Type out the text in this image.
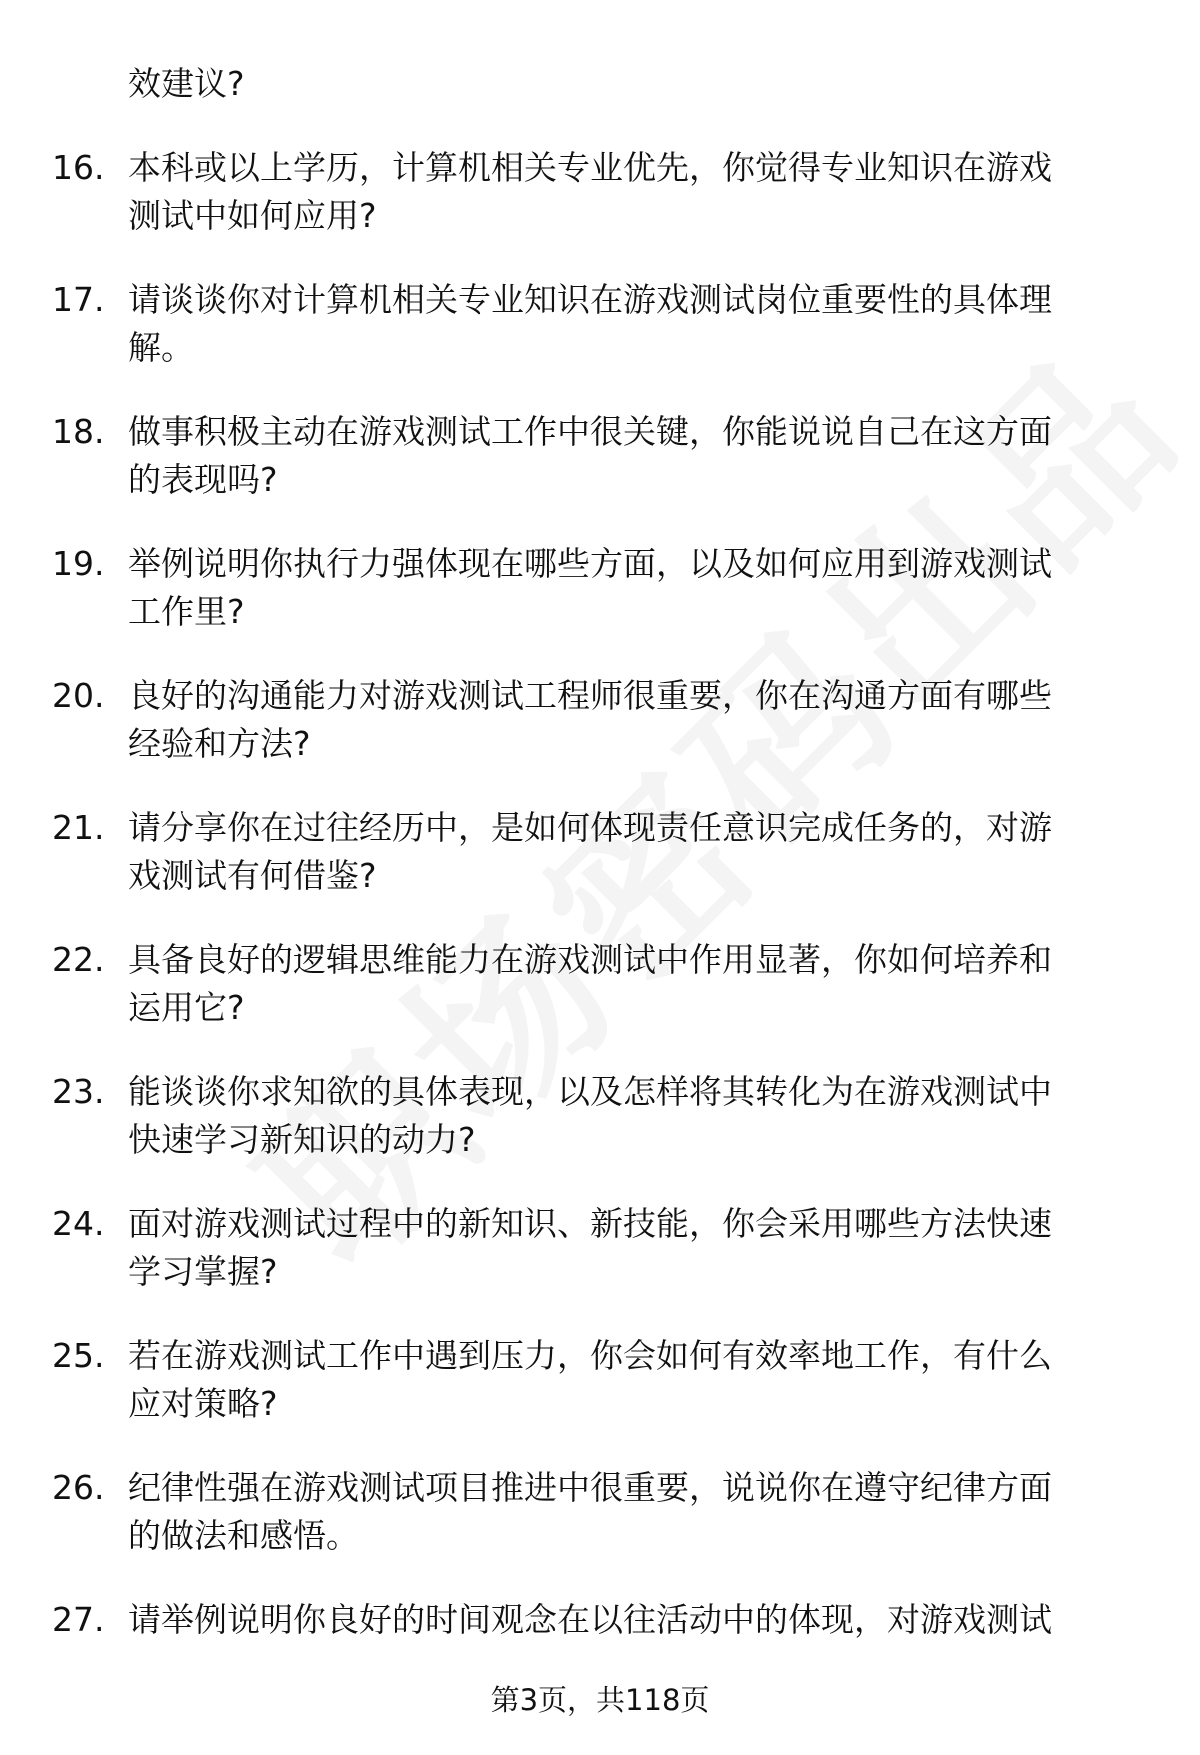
效建议?
16. 本科或以上学历，计算机相关专业优先，你觉得专业知识在游戏
测试中如何应用?
17. 请谈谈你对计算机相关专业知识在游戏测试岗位重要性的具体理
解。
18. 做事积极主动在游戏测试工作中很关键，你能说说自己在这方面
的表现吗?
19. 举例说明你执行力强体现在哪些方面，以及如何应用到游戏测试
工作里?
20. 良好的沟通能力对游戏测试工程师很重要，你在沟通方面有哪些
经验和方法?
21. 请分享你在过往经历中，是如何体现责任意识完成任务的，对游
戏测试有何借鉴?
22. 具备良好的逻辑思维能力在游戏测试中作用显著，你如何培养和
运用它?
23. 能谈谈你求知欲的具体表现，以及怎样将其转化为在游戏测试中
快速学习新知识的动力?
24. 面对游戏测试过程中的新知识、新技能，你会采用哪些方法快速
学习掌握?
25. 若在游戏测试工作中遇到压力，你会如何有效率地工作，有什么
应对策略?
26. 纪律性强在游戏测试项目推进中很重要，说说你在遵守纪律方面
的做法和感悟。
27. 请举例说明你良好的时间观念在以往活动中的体现，对游戏测试
第3页，共118页
